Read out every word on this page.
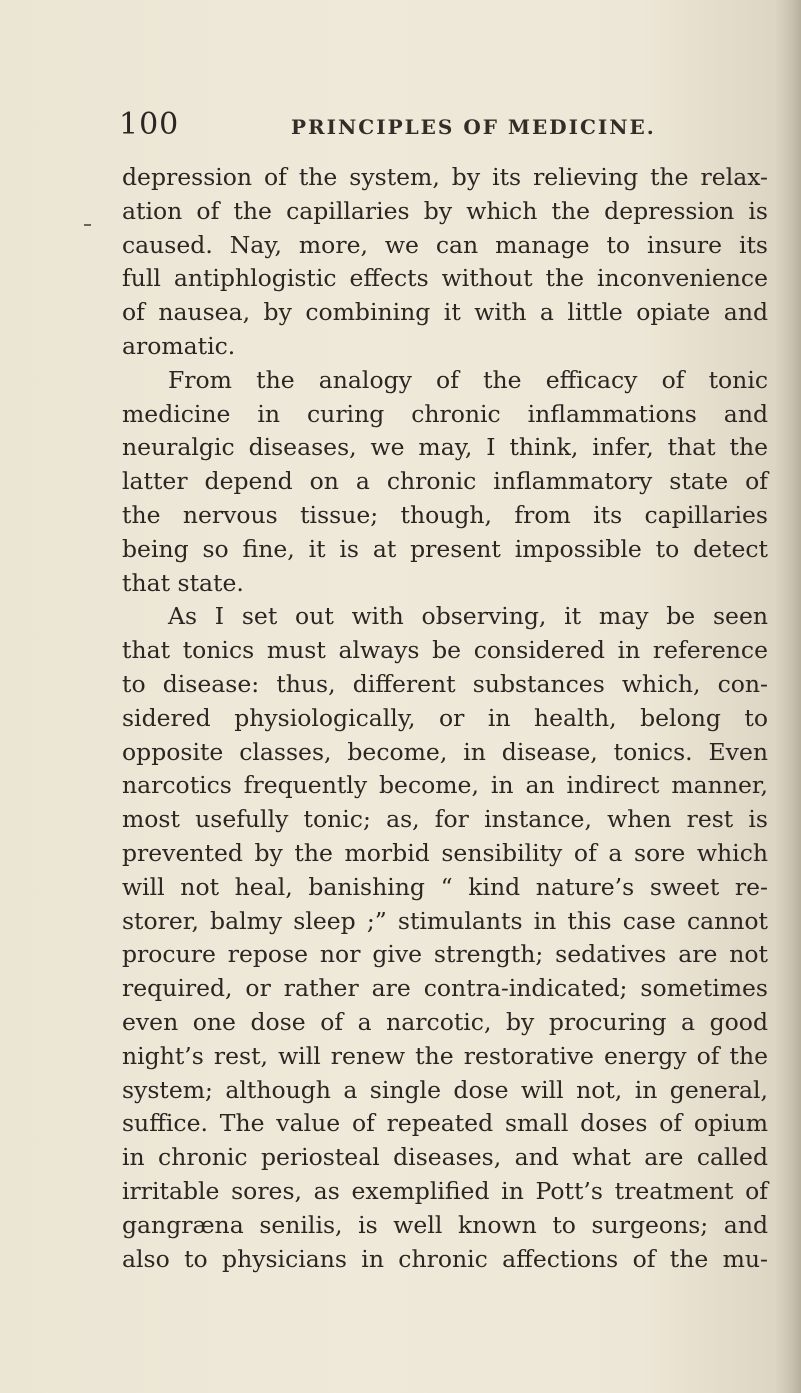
100	PRINCIPLES OF MEDICINE.
depression of the system, by its relieving the relax-
ation of the capillaries by which the depression is
caused. Nay, more, we can manage to insure its
full antiphlogistic effects without the inconvenience
of nausea, by combining it with a little opiate and
aromatic.
From the analogy of the efficacy of tonic
medicine in curing chronic inflammations and
neuralgic diseases, we may, I think, infer, that the
latter depend on a chronic inflammatory state of
the nervous tissue; though, from its capillaries
being so fine, it is at present impossible to detect
that state.
As I set out with observing, it may be seen
that tonics must always be considered in reference
to disease: thus, different substances which, con-
sidered physiologically, or in health, belong to
opposite classes, become, in disease, tonics. Even
narcotics frequently become, in an indirect manner,
most usefully tonic; as, for instance, when rest is
prevented by the morbid sensibility of a sore which
will not heal, banishing “ kind nature’s sweet re-
storer, balmy sleep ;” stimulants in this case cannot
procure repose nor give strength; sedatives are not
required, or rather are contra-indicated; sometimes
even one dose of a narcotic, by procuring a good
night’s rest, will renew the restorative energy of the
system; although a single dose will not, in general,
suffice. The value of repeated small doses of opium
in chronic periosteal diseases, and what are called
irritable sores, as exemplified in Pott’s treatment of
gangræna senilis, is well known to surgeons; and
also to physicians in chronic affections of the mu-
